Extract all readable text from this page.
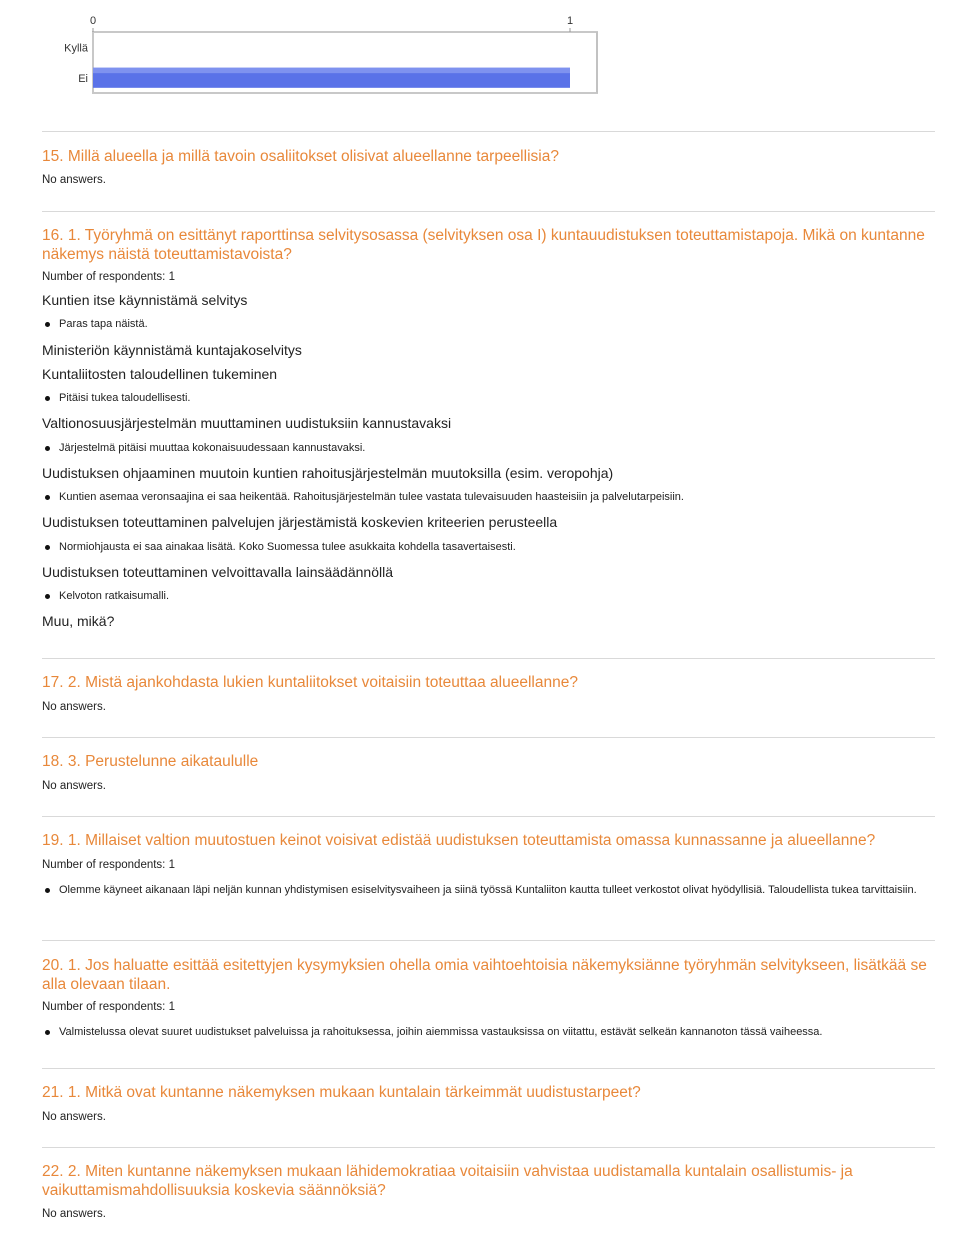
0	1
Kyllä
Ei
15. Millä alueella ja millä tavoin osaliitokset olisivat alueellanne tarpeellisia?
No answers.
16. 1. Työryhmä on esittänyt raporttinsa selvitysosassa (selvityksen osa I) kuntauudistuksen toteuttamistapoja. Mikä on kuntanne näkemys näistä toteuttamistavoista?
Number of respondents: 1
Kuntien itse käynnistämä selvitys
Paras tapa näistä.
Ministeriön käynnistämä kuntajakoselvitys
Kuntaliitosten taloudellinen tukeminen
Pitäisi tukea taloudellisesti.
Valtionosuusjärjestelmän muuttaminen uudistuksiin kannustavaksi
Järjestelmä pitäisi muuttaa kokonaisuudessaan kannustavaksi.
Uudistuksen ohjaaminen muutoin kuntien rahoitusjärjestelmän muutoksilla (esim. veropohja)
Kuntien asemaa veronsaajina ei saa heikentää. Rahoitusjärjestelmän tulee vastata tulevaisuuden haasteisiin ja palvelutarpeisiin.
Uudistuksen toteuttaminen palvelujen järjestämistä koskevien kriteerien perusteella
Normiohjausta ei saa ainakaa lisätä. Koko Suomessa tulee asukkaita kohdella tasavertaisesti.
Uudistuksen toteuttaminen velvoittavalla lainsäädännöllä
Kelvoton ratkaisumalli.
Muu, mikä?
17. 2. Mistä ajankohdasta lukien kuntaliitokset voitaisiin toteuttaa alueellanne?
No answers.
18. 3. Perustelunne aikataululle
No answers.
19. 1. Millaiset valtion muutostuen keinot voisivat edistää uudistuksen toteuttamista omassa kunnassanne ja alueellanne?
Number of respondents: 1
Olemme käyneet aikanaan läpi neljän kunnan yhdistymisen esiselvitysvaiheen ja siinä työssä Kuntaliiton kautta tulleet verkostot olivat hyödyllisiä. Taloudellista tukea tarvittaisiin.
20. 1. Jos haluatte esittää esitettyjen kysymyksien ohella omia vaihtoehtoisia näkemyksiänne työryhmän selvitykseen, lisätkää se alla olevaan tilaan.
Number of respondents: 1
Valmistelussa olevat suuret uudistukset palveluissa ja rahoituksessa, joihin aiemmissa vastauksissa on viitattu, estävät selkeän kannanoton tässä vaiheessa.
21. 1. Mitkä ovat kuntanne näkemyksen mukaan kuntalain tärkeimmät uudistustarpeet?
No answers.
22. 2. Miten kuntanne näkemyksen mukaan lähidemokratiaa voitaisiin vahvistaa uudistamalla kuntalain osallistumis- ja vaikuttamismahdollisuuksia koskevia säännöksiä?
No answers.
